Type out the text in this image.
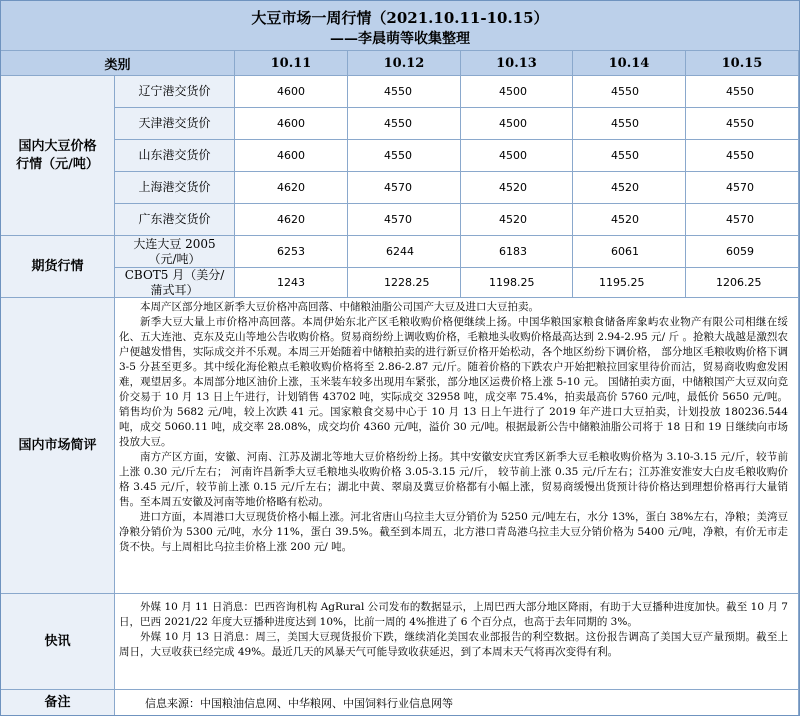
大豆市场一周行情（2021.10.11-10.15）
——李晨萌等收集整理
类别	10.11	10.12	10.13	10.14	10.15
国内大豆价格行情（元/吨）
辽宁港交货价	4600	4550	4500	4550	4550
天津港交货价	4600	4550	4500	4550	4550
山东港交货价	4600	4550	4500	4550	4550
上海港交货价	4620	4570	4520	4520	4570
广东港交货价	4620	4570	4520	4520	4570
期货行情
大连大豆 2005（元/吨）	6253	6244	6183	6061	6059
CBOT5 月（美分/蒲式耳）	1243	1228.25	1198.25	1195.25	1206.25
国内市场简评

本周产区部分地区新季大豆价格冲高回落、中储粮油脂公司国产大豆及进口大豆拍卖。

新季大豆大量上市价格冲高回落。本周伊始东北产区毛粮收购价格便继续上扬。中国华粮国家粮食储备库象屿农业物产有限公司相继在绥化、五大连池、克东及克山等地公告收购价格。贸易商纷纷上调收购价格，毛粮地头收购价格最高达到 2.94-2.95 元/ 斤 。抢粮大战越是激烈农户便越发惜售，实际成交并不乐观。本周三开始随着中储粮拍卖的进行新豆价格开始松动，各个地区纷纷下调价格， 部分地区毛粮收购价格下调 3-5 分甚至更多。其中绥化海伦粮点毛粮收购价格将至 2.86-2.87 元/斤。随着价格的下跌农户开始把粮拉回家里待价而沽，贸易商收购愈发困难，观望居多。本周部分地区油价上涨，玉米装车较多出现用车紧张，部分地区运费价格上涨 5-10 元。 国储拍卖方面，中储粮国产大豆双向竞价交易于 10 月 13 日上午进行，计划销售 43702 吨，实际成交 32958 吨，成交率 75.4%，拍卖最高价 5760 元/吨，最低价 5650 元/吨。销售均价为 5682 元/吨，较上次跌 41 元。国家粮食交易中心于 10 月 13 日上午进行了 2019 年产进口大豆拍卖，计划投放 180236.544 吨，成交 5060.11 吨，成交率 28.08%，成交均价 4360 元/吨，溢价 30 元/吨。根据最新公告中储粮油脂公司将于 18 日和 19 日继续向市场投放大豆。

南方产区方面，安徽、河南、江苏及湖北等地大豆价格纷纷上扬。其中安徽安庆宜秀区新季大豆毛粮收购价格为 3.10-3.15 元/斤，较节前上涨 0.30 元/斤左右； 河南许昌新季大豆毛粮地头收购价格 3.05-3.15 元/斤， 较节前上涨 0.35 元/斤左右；江苏淮安淮安大白皮毛粮收购价格 3.45 元/斤，较节前上涨 0.15 元/斤左右；湖北中黄、翠扇及冀豆价格都有小幅上涨，贸易商缓慢出货预计待价格达到理想价格再行大量销售。至本周五安徽及河南等地价格略有松动。

进口方面，本周港口大豆现货价格小幅上涨。河北省唐山乌拉圭大豆分销价为 5250 元/吨左右，水分 13%，蛋白 38%左右，净粮；美湾豆净粮分销价为 5300 元/吨，水分 11%，蛋白 39.5%。截至到本周五，北方港口青岛港乌拉圭大豆分销价格为 5400 元/吨，净粮，有价无市走货不快。与上周相比乌拉圭价格上涨 200 元/ 吨。

快讯

外媒 10 月 11 日消息：巴西咨询机构 AgRural 公司发布的数据显示，上周巴西大部分地区降雨，有助于大豆播种进度加快。截至 10 月 7 日，巴西 2021/22 年度大豆播种进度达到 10%，比前一周的 4%推进了 6 个百分点，也高于去年同期的 3%。

外媒 10 月 13 日消息：周三，美国大豆现货报价下跌，继续消化美国农业部报告的利空数据。这份报告调高了美国大豆产量预期。截至上周日，大豆收获已经完成 49%。最近几天的风暴天气可能导致收获延迟，到了本周末天气将再次变得有利。

备注	信息来源：中国粮油信息网、中华粮网、中国饲料行业信息网等
